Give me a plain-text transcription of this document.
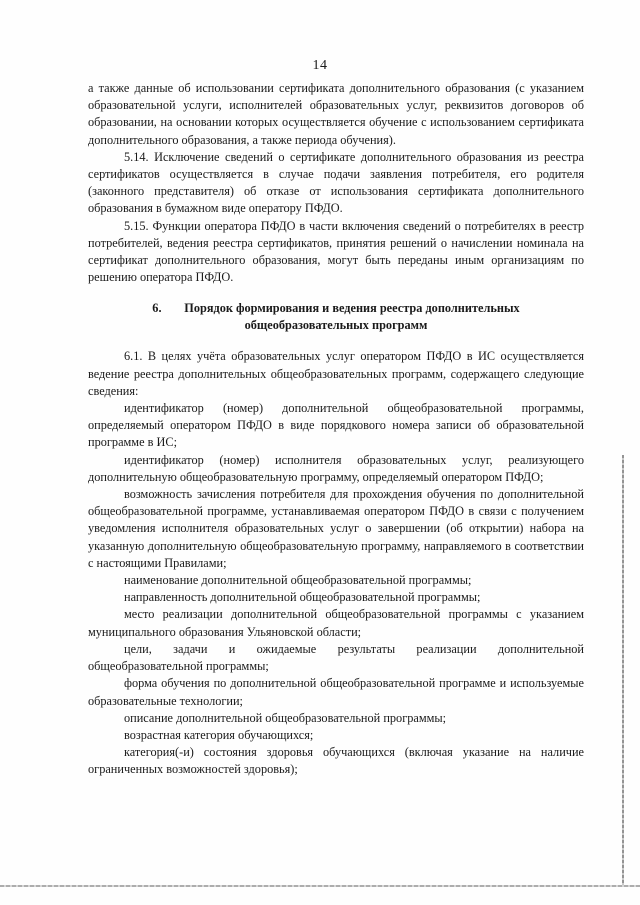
14

а также данные об использовании сертификата дополнительного образования (с указанием образовательной услуги, исполнителей образовательных услуг, реквизитов договоров об образовании, на основании которых осуществляется обучение с использованием сертификата дополнительного образования, а также периода обучения).

5.14. Исключение сведений о сертификате дополнительного образования из реестра сертификатов осуществляется в случае подачи заявления потребителя, его родителя (законного представителя) об отказе от использования сертификата дополнительного образования в бумажном виде оператору ПФДО.

5.15. Функции оператора ПФДО в части включения сведений о потребителях в реестр потребителей, ведения реестра сертификатов, принятия решений о начислении номинала на сертификат дополнительного образования, могут быть переданы иным организациям по решению оператора ПФДО.

6. Порядок формирования и ведения реестра дополнительных
общеобразовательных программ

6.1. В целях учёта образовательных услуг оператором ПФДО в ИС осуществляется ведение реестра дополнительных общеобразовательных программ, содержащего следующие сведения:

идентификатор (номер) дополнительной общеобразовательной программы, определяемый оператором ПФДО в виде порядкового номера записи об образовательной программе в ИС;

идентификатор (номер) исполнителя образовательных услуг, реализующего дополнительную общеобразовательную программу, определяемый оператором ПФДО;

возможность зачисления потребителя для прохождения обучения по дополнительной общеобразовательной программе, устанавливаемая оператором ПФДО в связи с получением уведомления исполнителя образовательных услуг о завершении (об открытии) набора на указанную дополнительную общеобразовательную программу, направляемого в соответствии с настоящими Правилами;

наименование дополнительной общеобразовательной программы;

направленность дополнительной общеобразовательной программы;

место реализации дополнительной общеобразовательной программы с указанием муниципального образования Ульяновской области;

цели, задачи и ожидаемые результаты реализации дополнительной общеобразовательной программы;

форма обучения по дополнительной общеобразовательной программе и используемые образовательные технологии;

описание дополнительной общеобразовательной программы;

возрастная категория обучающихся;

категория(-и) состояния здоровья обучающихся (включая указание на наличие ограниченных возможностей здоровья);
